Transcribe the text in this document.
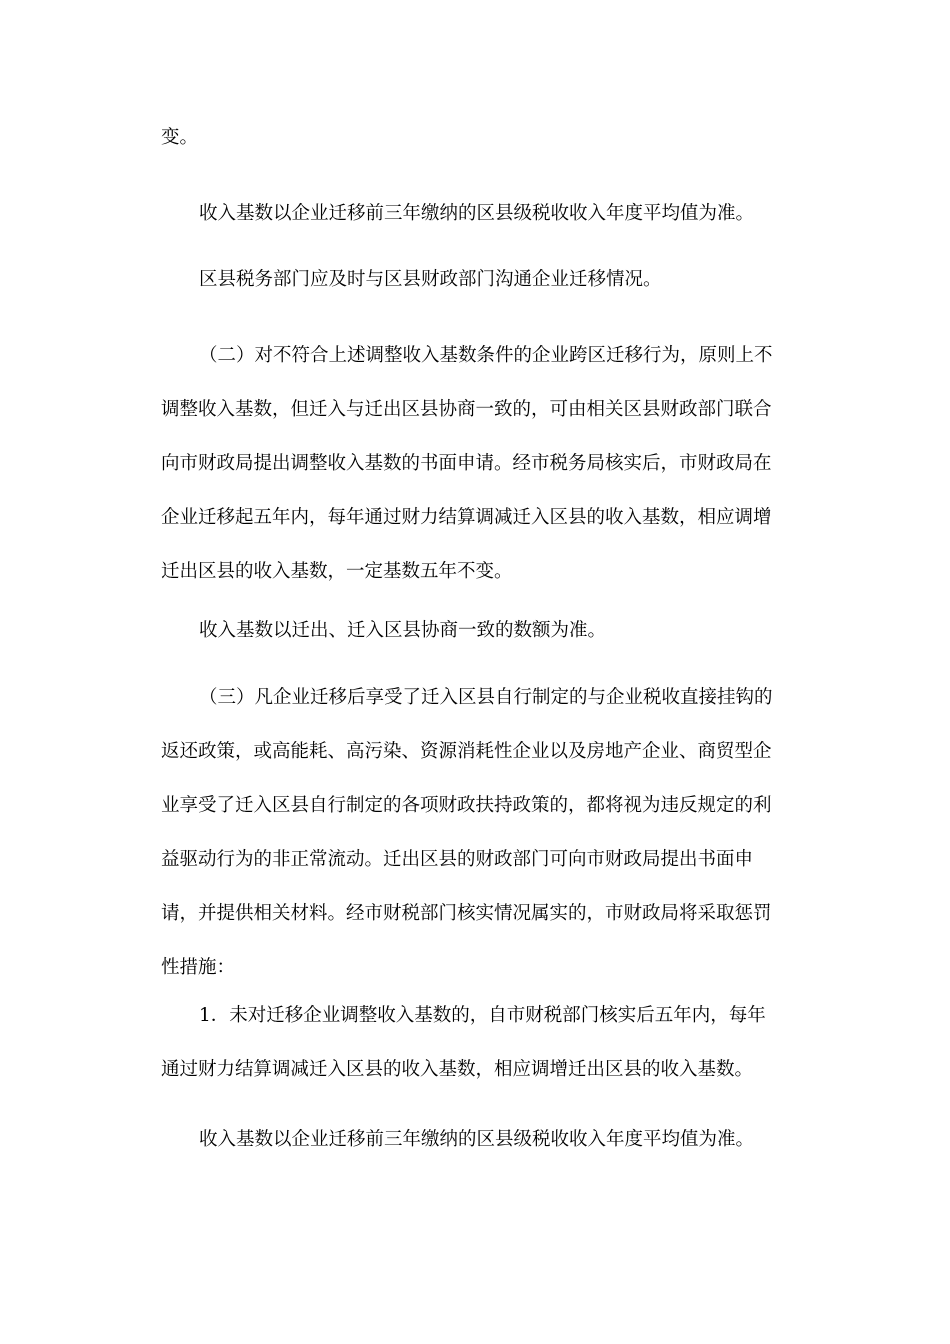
变。
收入基数以企业迁移前三年缴纳的区县级税收收入年度平均值为准。
区县税务部门应及时与区县财政部门沟通企业迁移情况。
（二）对不符合上述调整收入基数条件的企业跨区迁移行为，原则上不
调整收入基数，但迁入与迁出区县协商一致的，可由相关区县财政部门联合
向市财政局提出调整收入基数的书面申请。经市税务局核实后，市财政局在
企业迁移起五年内，每年通过财力结算调减迁入区县的收入基数，相应调增
迁出区县的收入基数，一定基数五年不变。
收入基数以迁出、迁入区县协商一致的数额为准。
（三）凡企业迁移后享受了迁入区县自行制定的与企业税收直接挂钩的
返还政策，或高能耗、高污染、资源消耗性企业以及房地产企业、商贸型企
业享受了迁入区县自行制定的各项财政扶持政策的，都将视为违反规定的利
益驱动行为的非正常流动。迁出区县的财政部门可向市财政局提出书面申
请，并提供相关材料。经市财税部门核实情况属实的，市财政局将采取惩罚
性措施：
1．未对迁移企业调整收入基数的，自市财税部门核实后五年内，每年
通过财力结算调减迁入区县的收入基数，相应调增迁出区县的收入基数。
收入基数以企业迁移前三年缴纳的区县级税收收入年度平均值为准。
